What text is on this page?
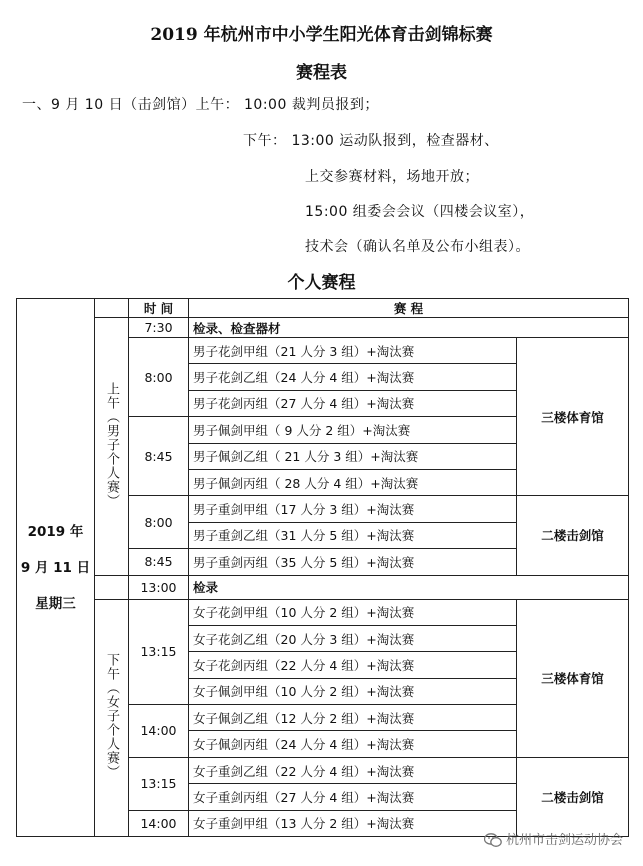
2019 年杭州市中小学生阳光体育击剑锦标赛
赛程表
一、9 月 10 日（击剑馆）上午： 10:00 裁判员报到；
下午： 13:00 运动队报到，检查器材、
上交参赛材料，场地开放；
15:00 组委会会议（四楼会议室），
技术会（确认名单及公布小组表）。
个人赛程
2019 年
9 月 11 日
星期三		时 间	赛 程	
	上午（男子个人赛）	7:30	检录、检查器材	
		8:00	男子花剑甲组（21 人分 3 组）+淘汰赛	三楼体育馆
			男子花剑乙组（24 人分 4 组）+淘汰赛	
			男子花剑丙组（27 人分 4 组）+淘汰赛	
		8:45	男子佩剑甲组（ 9 人分 2 组）+淘汰赛	
			男子佩剑乙组（ 21 人分 3 组）+淘汰赛	
			男子佩剑丙组（ 28 人分 4 组）+淘汰赛	
		8:00	男子重剑甲组（17 人分 3 组）+淘汰赛	二楼击剑馆
			男子重剑乙组（31 人分 5 组）+淘汰赛	
		8:45	男子重剑丙组（35 人分 5 组）+淘汰赛	
		13:00	检录	
	下午（女子个人赛）	13:15	女子花剑甲组（10 人分 2 组）+淘汰赛	三楼体育馆
			女子花剑乙组（20 人分 3 组）+淘汰赛	
			女子花剑丙组（22 人分 4 组）+淘汰赛	
			女子佩剑甲组（10 人分 2 组）+淘汰赛	
		14:00	女子佩剑乙组（12 人分 2 组）+淘汰赛	
			女子佩剑丙组（24 人分 4 组）+淘汰赛	
		13:15	女子重剑乙组（22 人分 4 组）+淘汰赛	二楼击剑馆
			女子重剑丙组（27 人分 4 组）+淘汰赛	
		14:00	女子重剑甲组（13 人分 2 组）+淘汰赛	
杭州市击剑运动协会
